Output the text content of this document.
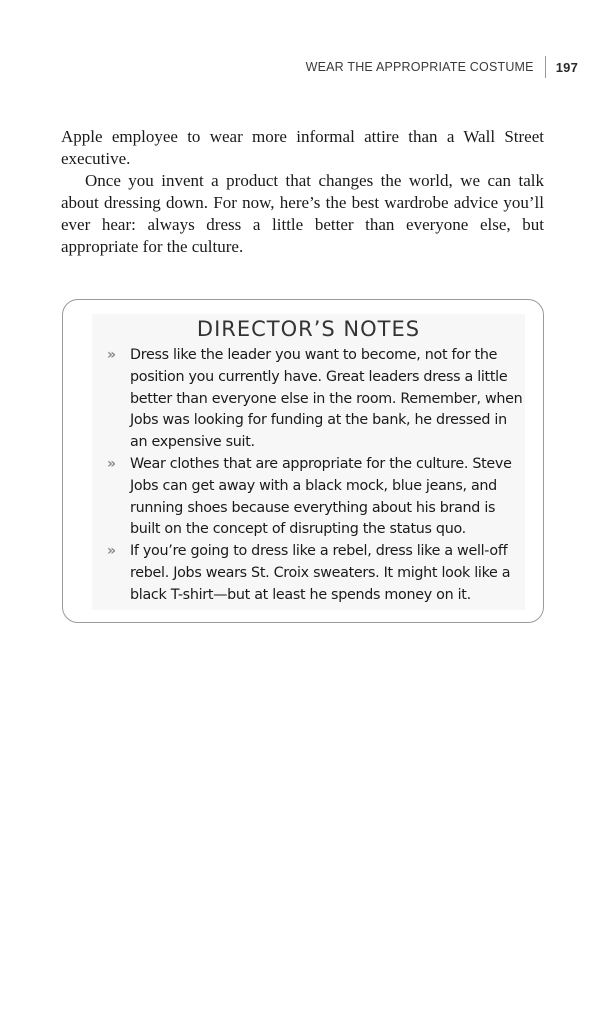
WEAR THE APPROPRIATE COSTUME 197

Apple employee to wear more informal attire than a Wall Street executive.

Once you invent a product that changes the world, we can talk about dressing down. For now, here’s the best wardrobe advice you’ll ever hear: always dress a little better than everyone else, but appropriate for the culture.

DIRECTOR’S NOTES
» Dress like the leader you want to become, not for the position you currently have. Great leaders dress a little better than everyone else in the room. Remember, when Jobs was looking for funding at the bank, he dressed in an expensive suit.
» Wear clothes that are appropriate for the culture. Steve Jobs can get away with a black mock, blue jeans, and running shoes because everything about his brand is built on the concept of disrupting the status quo.
» If you’re going to dress like a rebel, dress like a well-off rebel. Jobs wears St. Croix sweaters. It might look like a black T-shirt—but at least he spends money on it.
